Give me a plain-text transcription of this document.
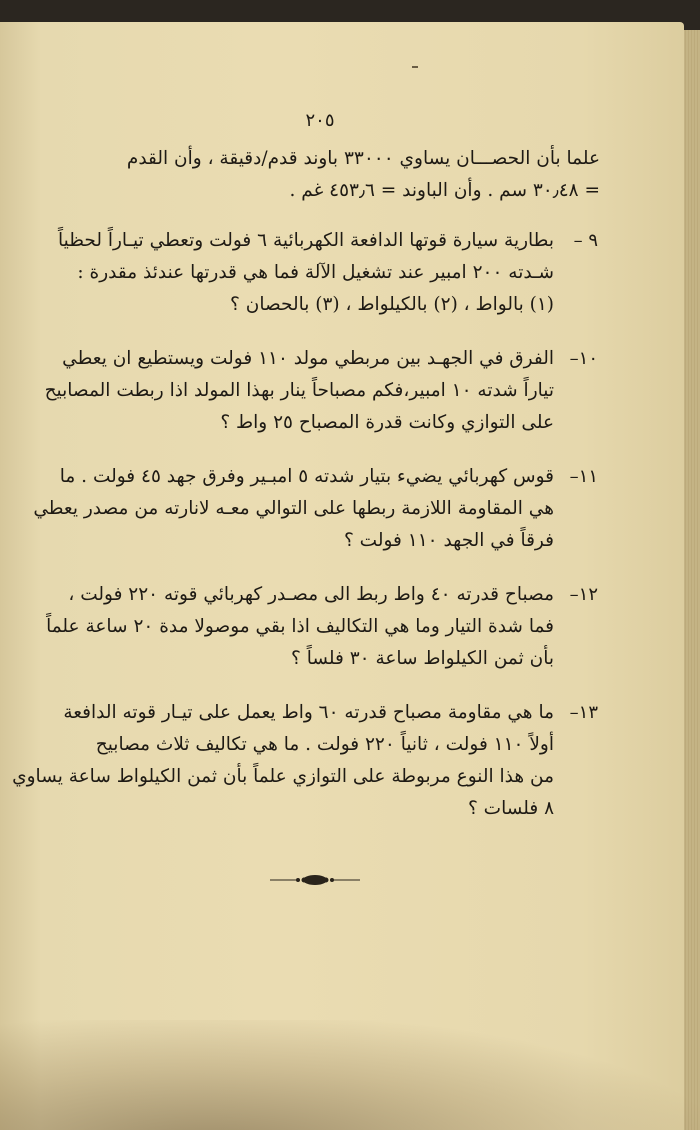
٢٠٥
علما بأن الحصـــان يساوي ٣٣٠٠٠ باوند قدم/دقيقة ، وأن القدم
= ٣٠٫٤٨ سم . وأن الباوند = ٤٥٣٫٦ غم .
٩ –
بطارية سيارة قوتها الدافعة الكهربائية ٦ فولت وتعطي تيـاراً لحظياً
شـدته ٢٠٠ امبير عند تشغيل الآلة فما هي قدرتها عندئذ مقدرة :
(١) بالواط ، (٢) بالكيلواط ، (٣) بالحصان ؟
١٠–
الفرق في الجهـد بين مربطي مولد ١١٠ فولت ويستطيع ان يعطي
تياراً شدته ١٠ امبير،فكم مصباحاً ينار بهذا المولد اذا ربطت المصابيح
على التوازي وكانت قدرة المصباح ٢٥ واط ؟
١١–
قوس كهربائي يضيء بتيار شدته ٥ امبـير وفرق جهد ٤٥ فولت . ما
هي المقاومة اللازمة ربطها على التوالي معـه لانارته من مصدر يعطي
فرقاً في الجهد ١١٠ فولت ؟
١٢–
مصباح قدرته ٤٠ واط ربط الى مصـدر كهربائي قوته ٢٢٠ فولت ،
فما شدة التيار وما هي التكاليف اذا بقي موصولا مدة ٢٠ ساعة علماً
بأن ثمن الكيلواط ساعة ٣٠ فلساً ؟
١٣–
ما هي مقاومة مصباح قدرته ٦٠ واط يعمل على تيـار قوته الدافعة
أولاً ١١٠ فولت ، ثانياً ٢٢٠ فولت . ما هي تكاليف ثلاث مصابيح
من هذا النوع مربوطة على التوازي علماً بأن ثمن الكيلواط ساعة يساوي
٨ فلسات ؟
